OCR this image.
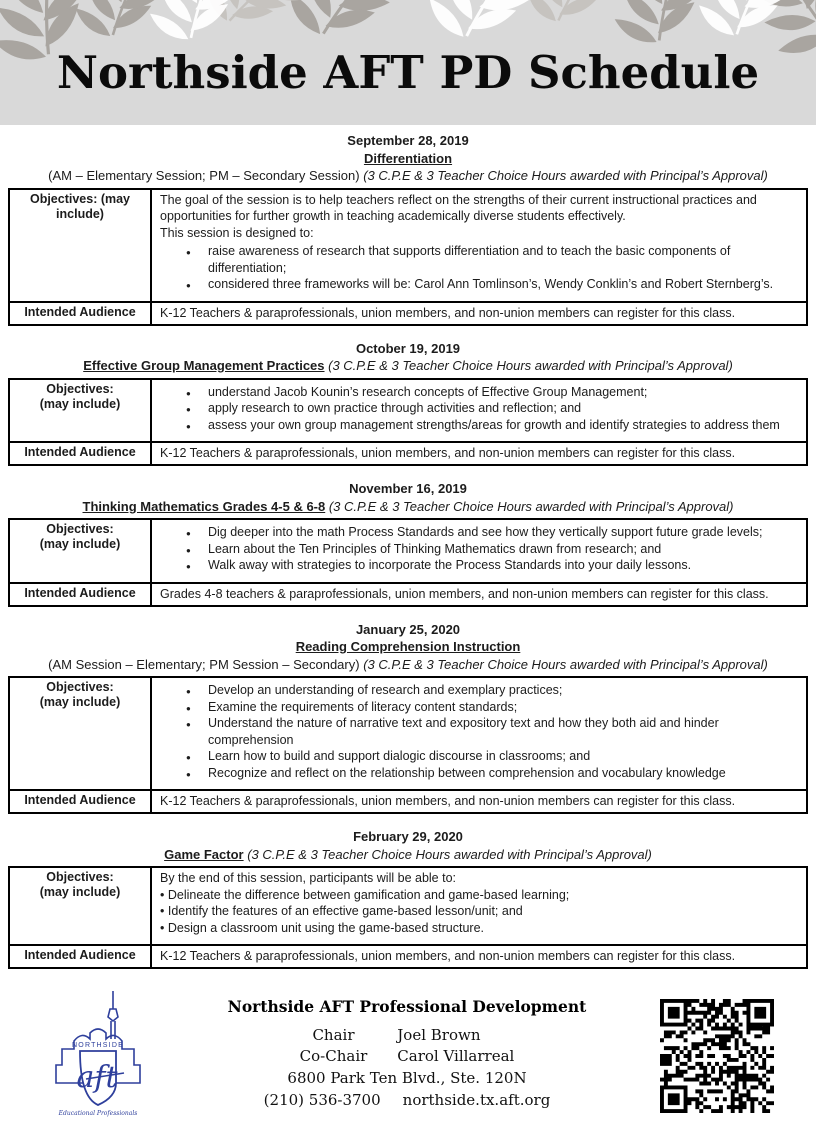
Northside AFT PD Schedule
September 28, 2019
Differentiation
(AM – Elementary Session; PM – Secondary Session) (3 C.P.E & 3 Teacher Choice Hours awarded with Principal’s Approval)
Objectives: (may
include)

The goal of the session is to help teachers reflect on the strengths of their current instructional practices and opportunities for further growth in teaching academically diverse students effectively.

This session is designed to:

● raise awareness of research that supports differentiation and to teach the basic components of differentiation;
● considered three frameworks will be: Carol Ann Tomlinson’s, Wendy Conklin’s and Robert Sternberg’s.

Intended Audience	K-12 Teachers & paraprofessionals, union members, and non-union members can register for this class.
October 19, 2019
Effective Group Management Practices (3 C.P.E & 3 Teacher Choice Hours awarded with Principal’s Approval)
Objectives:
(may include)

● understand Jacob Kounin’s research concepts of Effective Group Management;
● apply research to own practice through activities and reflection; and
● assess your own group management strengths/areas for growth and identify strategies to address them

Intended Audience	K-12 Teachers & paraprofessionals, union members, and non-union members can register for this class.
November 16, 2019
Thinking Mathematics Grades 4-5 & 6-8 (3 C.P.E & 3 Teacher Choice Hours awarded with Principal’s Approval)
Objectives:
(may include)

● Dig deeper into the math Process Standards and see how they vertically support future grade levels;
● Learn about the Ten Principles of Thinking Mathematics drawn from research; and
● Walk away with strategies to incorporate the Process Standards into your daily lessons.

Intended Audience	Grades 4-8 teachers & paraprofessionals, union members, and non-union members can register for this class.
January 25, 2020
Reading Comprehension Instruction
(AM Session – Elementary; PM Session – Secondary) (3 C.P.E & 3 Teacher Choice Hours awarded with Principal’s Approval)
Objectives:
(may include)

● Develop an understanding of research and exemplary practices;
● Examine the requirements of literacy content standards;
● Understand the nature of narrative text and expository text and how they both aid and hinder comprehension
● Learn how to build and support dialogic discourse in classrooms; and
● Recognize and reflect on the relationship between comprehension and vocabulary knowledge

Intended Audience	K-12 Teachers & paraprofessionals, union members, and non-union members can register for this class.
February 29, 2020
Game Factor (3 C.P.E & 3 Teacher Choice Hours awarded with Principal’s Approval)
Objectives:
(may include)

By the end of this session, participants will be able to:

• Delineate the difference between gamification and game-based learning;
• Identify the features of an effective game-based lesson/unit; and
• Design a classroom unit using the game-based structure.

Intended Audience	K-12 Teachers & paraprofessionals, union members, and non-union members can register for this class.
NORTHSIDE
aft
Educational Professionals
Northside AFT Professional Development
Chair	Joel Brown
Co-Chair Carol Villarreal
6800 Park Ten Blvd., Ste. 120N
(210) 536-3700 northside.tx.aft.org
